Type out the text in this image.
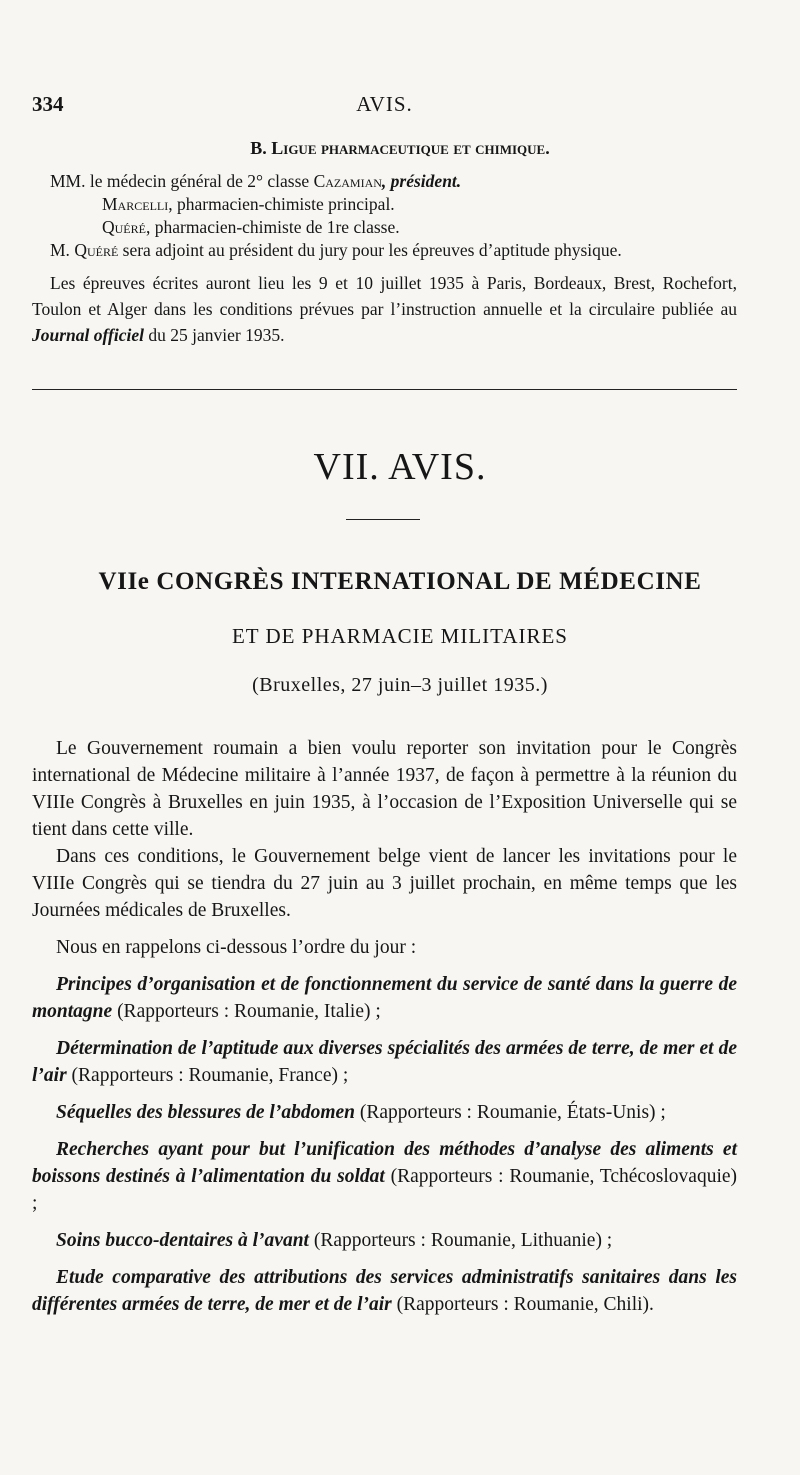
334	AVIS.
B. Ligue pharmaceutique et chimique.

MM. le médecin général de 2° classe Cazamian, président.

Marcelli, pharmacien-chimiste principal.

Quéré, pharmacien-chimiste de 1re classe.

M. Quéré sera adjoint au président du jury pour les épreuves d’aptitude physique.

Les épreuves écrites auront lieu les 9 et 10 juillet 1935 à Paris, Bordeaux, Brest, Rochefort, Toulon et Alger dans les conditions prévues par l’instruction annuelle et la circulaire publiée au Journal officiel du 25 janvier 1935.

VII. AVIS.
VIIe CONGRÈS INTERNATIONAL DE MÉDECINE
ET DE PHARMACIE MILITAIRES
(Bruxelles, 27 juin–3 juillet 1935.)

Le Gouvernement roumain a bien voulu reporter son invitation pour le Congrès international de Médecine militaire à l’année 1937, de façon à permettre à la réunion du VIIIe Congrès à Bruxelles en juin 1935, à l’occasion de l’Exposition Universelle qui se tient dans cette ville.

Dans ces conditions, le Gouvernement belge vient de lancer les invitations pour le VIIIe Congrès qui se tiendra du 27 juin au 3 juillet prochain, en même temps que les Journées médicales de Bruxelles.

Nous en rappelons ci-dessous l’ordre du jour :

Principes d’organisation et de fonctionnement du service de santé dans la guerre de montagne (Rapporteurs : Roumanie, Italie) ;

Détermination de l’aptitude aux diverses spécialités des armées de terre, de mer et de l’air (Rapporteurs : Roumanie, France) ;

Séquelles des blessures de l’abdomen (Rapporteurs : Roumanie, États-Unis) ;

Recherches ayant pour but l’unification des méthodes d’analyse des aliments et boissons destinés à l’alimentation du soldat (Rapporteurs : Roumanie, Tchécoslovaquie) ;

Soins bucco-dentaires à l’avant (Rapporteurs : Roumanie, Lithuanie) ;

Etude comparative des attributions des services administratifs sanitaires dans les différentes armées de terre, de mer et de l’air (Rapporteurs : Roumanie, Chili).
